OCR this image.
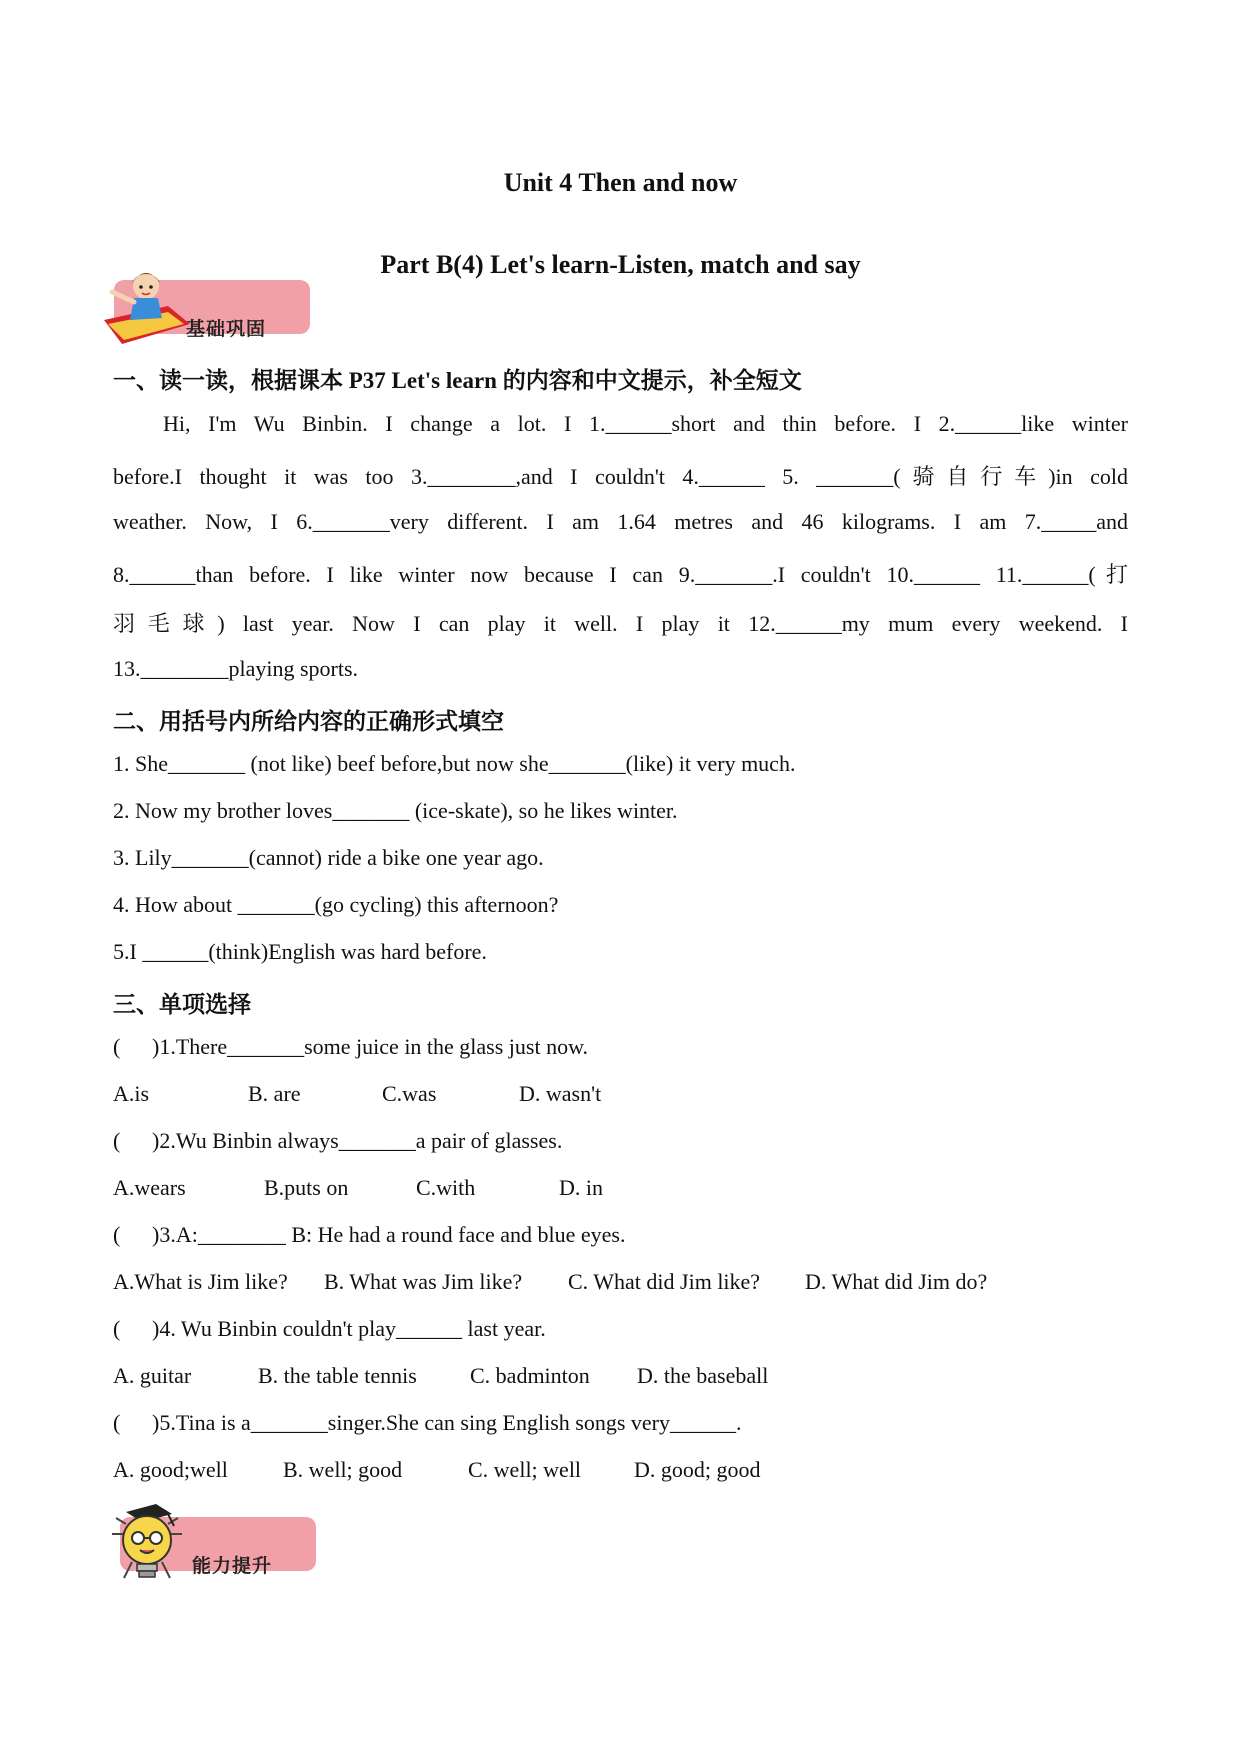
Unit 4 Then and now
Part B(4) Let's learn-Listen, match and say
基础巩固
一、读一读，根据课本 P37 Let's learn 的内容和中文提示，补全短文
Hi, I'm Wu Binbin. I change a lot. I 1.______short and thin before. I 2.______like winter
before.I thought it was too 3.________,and I couldn't 4.______ 5. _______(骑自行车)in cold
weather. Now, I 6._______very different. I am 1.64 metres and 46 kilograms. I am 7._____and
8.______than before. I like winter now because I can 9._______.I couldn't 10.______ 11.______(打
羽毛球) last year. Now I can play it well. I play it 12.______my mum every weekend. I
13.________playing sports.
二、用括号内所给内容的正确形式填空
1. She_______ (not like) beef before,but now she_______(like) it very much.
2. Now my brother loves_______ (ice-skate), so he likes winter.
3. Lily_______(cannot) ride a bike one year ago.
4. How about _______(go cycling) this afternoon?
5.I ______(think)English was hard before.
三、单项选择
( )1.There_______some juice in the glass just now.
A.is	B. are	C.was	D. wasn't
( )2.Wu Binbin always_______a pair of glasses.
A.wears	B.puts on	C.with	D. in
( )3.A:________ B: He had a round face and blue eyes.
A.What is Jim like? B. What was Jim like? C. What did Jim like? D. What did Jim do?
( )4. Wu Binbin couldn't play______ last year.
A. guitar	B. the table tennis C. badminton D. the baseball
( )5.Tina is a_______singer.She can sing English songs very______.
A. good;well	B. well; good	C. well; well D. good; good
能力提升
